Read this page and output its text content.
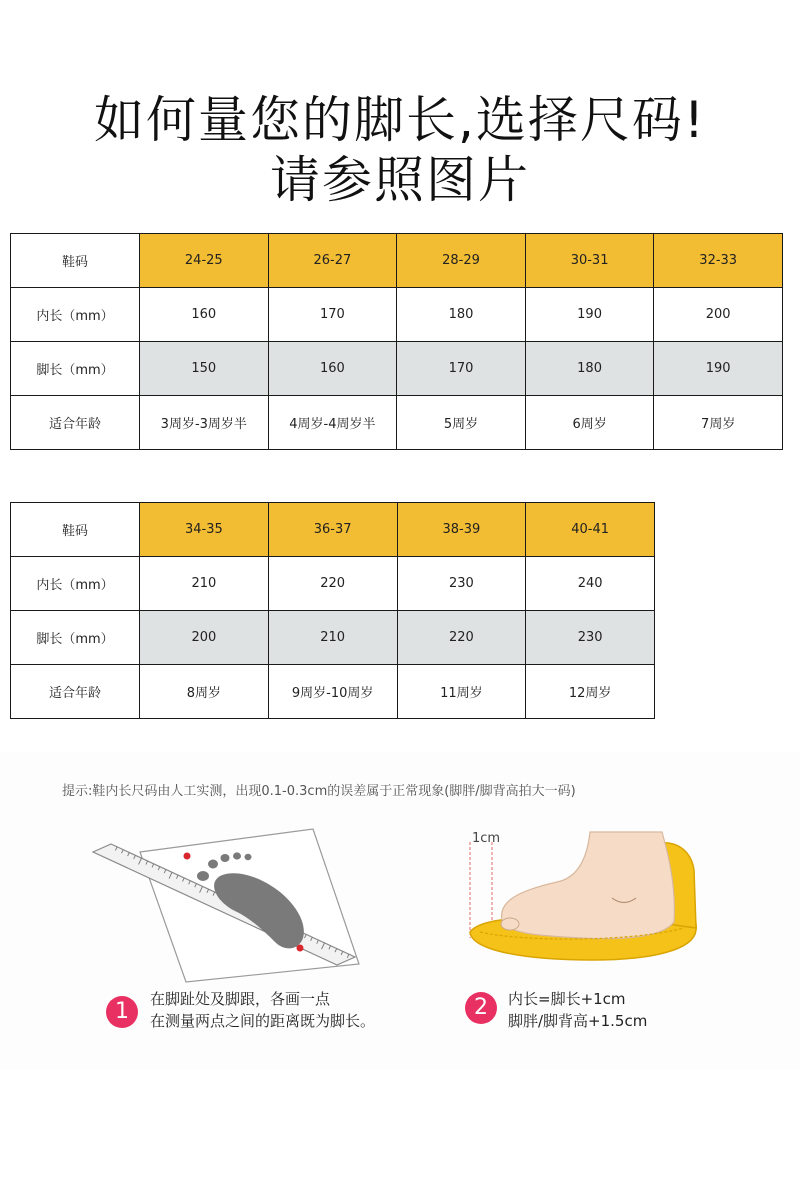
如何量您的脚长,选择尺码!
请参照图片
鞋码	24-25	26-27	28-29	30-31	32-33
内长（mm）	160	170	180	190	200
脚长（mm）	150	160	170	180	190
适合年龄	3周岁-3周岁半	4周岁-4周岁半	5周岁	6周岁	7周岁
鞋码	34-35	36-37	38-39	40-41
内长（mm）	210	220	230	240
脚长（mm）	200	210	220	230
适合年龄	8周岁	9周岁-10周岁	11周岁	12周岁
提示:鞋内长尺码由人工实测，出现0.1-0.3cm的误差属于正常现象(脚胖/脚背高拍大一码)
1cm
1	在脚趾处及脚跟，各画一点
在测量两点之间的距离既为脚长。
2	内长=脚长+1cm
脚胖/脚背高+1.5cm
